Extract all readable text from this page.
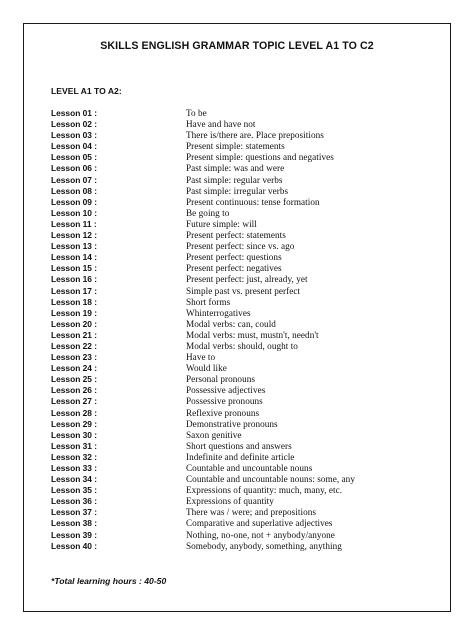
SKILLS ENGLISH GRAMMAR TOPIC LEVEL A1 TO C2
LEVEL A1 TO A2:
Lesson 01 :	To be
Lesson 02 :	Have and have not
Lesson 03 :	There is/there are. Place prepositions
Lesson 04 :	Present simple: statements
Lesson 05 :	Present simple: questions and negatives
Lesson 06 :	Past simple: was and were
Lesson 07 :	Past simple: regular verbs
Lesson 08 :	Past simple: irregular verbs
Lesson 09 :	Present continuous: tense formation
Lesson 10 :	Be going to
Lesson 11 :	Future simple: will
Lesson 12 :	Present perfect: statements
Lesson 13 :	Present perfect: since vs. ago
Lesson 14 :	Present perfect: questions
Lesson 15 :	Present perfect: negatives
Lesson 16 :	Present perfect: just, already, yet
Lesson 17 :	Simple past vs. present perfect
Lesson 18 :	Short forms
Lesson 19 :	Whinterrogatives
Lesson 20 :	Modal verbs: can, could
Lesson 21 :	Modal verbs: must, mustn't, needn't
Lesson 22 :	Modal verbs: should, ought to
Lesson 23 :	Have to
Lesson 24 :	Would like
Lesson 25 :	Personal pronouns
Lesson 26 :	Possessive adjectives
Lesson 27 :	Possessive pronouns
Lesson 28 :	Reflexive pronouns
Lesson 29 :	Demonstrative pronouns
Lesson 30 :	Saxon genitive
Lesson 31 :	Short questions and answers
Lesson 32 :	Indefinite and definite article
Lesson 33 :	Countable and uncountable nouns
Lesson 34 :	Countable and uncountable nouns: some, any
Lesson 35 :	Expressions of quantity: much, many, etc.
Lesson 36 :	Expressions of quantity
Lesson 37 :	There was / were; and prepositions
Lesson 38 :	Comparative and superlative adjectives
Lesson 39 :	Nothing, no-one, not + anybody/anyone
Lesson 40 :	Somebody, anybody, something, anything
*Total learning hours : 40-50
